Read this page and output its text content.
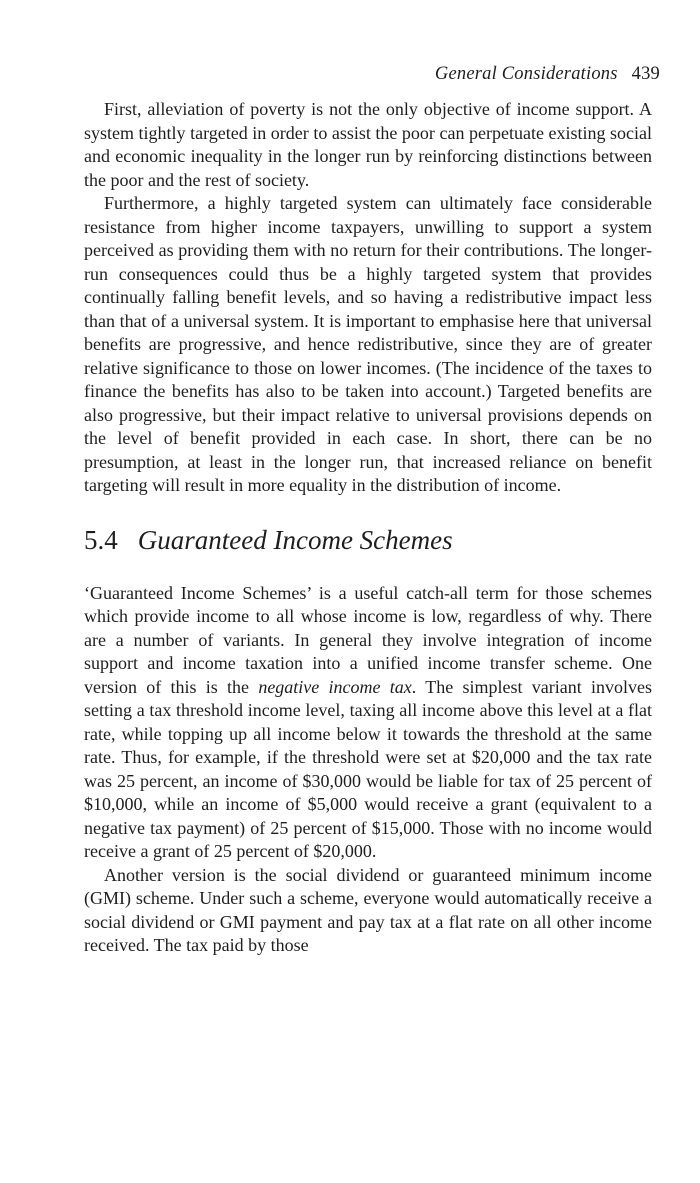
General Considerations 439

First, alleviation of poverty is not the only objective of income support. A system tightly targeted in order to assist the poor can perpetuate existing social and economic inequality in the longer run by reinforcing distinctions between the poor and the rest of society.

Furthermore, a highly targeted system can ultimately face considerable resistance from higher income taxpayers, unwilling to support a system perceived as providing them with no return for their contributions. The longer-run consequences could thus be a highly targeted system that provides continually falling benefit levels, and so having a redistributive impact less than that of a universal system. It is important to emphasise here that universal benefits are progressive, and hence redistributive, since they are of greater relative significance to those on lower incomes. (The incidence of the taxes to finance the benefits has also to be taken into account.) Targeted benefits are also progressive, but their impact relative to universal provisions depends on the level of benefit provided in each case. In short, there can be no presumption, at least in the longer run, that increased reliance on benefit targeting will result in more equality in the distribution of income.

5.4 Guaranteed Income Schemes

‘Guaranteed Income Schemes’ is a useful catch-all term for those schemes which provide income to all whose income is low, regardless of why. There are a number of variants. In general they involve integration of income support and income taxation into a unified income transfer scheme. One version of this is the negative income tax. The simplest variant involves setting a tax threshold income level, taxing all income above this level at a flat rate, while topping up all income below it towards the threshold at the same rate. Thus, for example, if the threshold were set at $20,000 and the tax rate was 25 percent, an income of $30,000 would be liable for tax of 25 percent of $10,000, while an income of $5,000 would receive a grant (equivalent to a negative tax payment) of 25 percent of $15,000. Those with no income would receive a grant of 25 percent of $20,000.

Another version is the social dividend or guaranteed minimum income (GMI) scheme. Under such a scheme, everyone would automatically receive a social dividend or GMI payment and pay tax at a flat rate on all other income received. The tax paid by those
